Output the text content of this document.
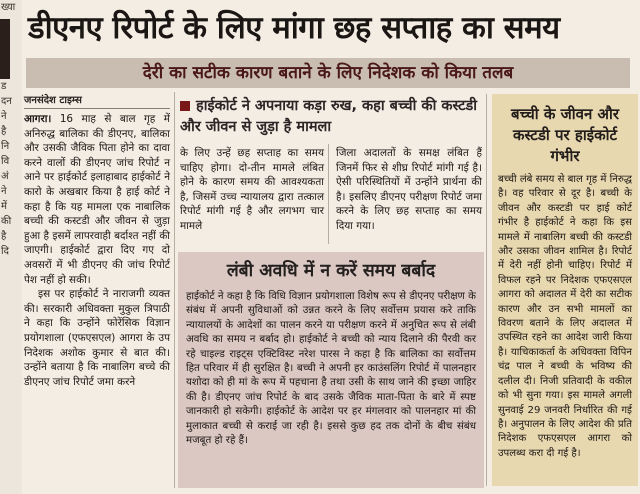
ख्या
ड
दन
ने
है
नि
वि
अं
ने
में
की
है
दि
डीएनए रिपोर्ट के लिए मांगा छह सप्ताह का समय
देरी का सटीक कारण बताने के लिए निदेशक को किया तलब
जनसंदेश टाइम्स
आगरा। 16 माह से बाल गृह में अनिरुद्ध बालिका की डीएनए, बालिका और उसकी जैविक पिता होने का दावा करने वालों की डीएनए जांच रिपोर्ट न आने पर हाईकोर्ट इलाहाबाद हाईकोर्ट ने कारो के अखबार किया है हाई कोर्ट ने कहा है कि यह मामला एक नाबालिक बच्ची की कस्टडी और जीवन से जुड़ा हुआ है इसमें लापरवाही बर्दाश्त नहीं की जाएगी। हाईकोर्ट द्वारा दिए गए दो अवसरों में भी डीएनए की जांच रिपोर्ट पेश नहीं हो सकी।
इस पर हाईकोर्ट ने नाराजगी व्यक्त की। सरकारी अधिवक्ता मुकुल त्रिपाठी ने कहा कि उन्होंने फोरेंसिक विज्ञान प्रयोगशाला (एफएसएल) आगरा के उप निदेशक अशोक कुमार से बात की। उन्होंने बताया है कि नाबालिग बच्चे की डीएनए जांच रिपोर्ट जमा करने
हाईकोर्ट ने अपनाया कड़ा रुख, कहा बच्ची की कस्टडी और जीवन से जुड़ा है मामला
के लिए उन्हें छह सप्ताह का समय चाहिए होगा। दो-तीन मामले लंबित होने के कारण समय की आवश्यकता है, जिसमें उच्च न्यायालय द्वारा तत्काल रिपोर्ट मांगी गई है और लगभग चार मामले
जिला अदालतों के समक्ष लंबित हैं जिनमें फिर से शीघ्र रिपोर्ट मांगी गई है। ऐसी परिस्थितियों में उन्होंने प्रार्थना की है। इसलिए डीएनए परीक्षण रिपोर्ट जमा करने के लिए छह सप्ताह का समय दिया गया।
लंबी अवधि में न करें समय बर्बाद
हाईकोर्ट ने कहा है कि विधि विज्ञान प्रयोगशाला विशेष रूप से डीएनए परीक्षण के संबंध में अपनी सुविधाओं को उन्नत करने के लिए सर्वोत्तम प्रयास करे ताकि न्यायालयों के आदेशों का पालन करने या परीक्षण करने में अनुचित रूप से लंबी अवधि का समय न बर्बाद हो। हाईकोर्ट ने बच्ची को न्याय दिलाने की पैरवी कर रहे चाइल्ड राइट्स एक्टिविस्ट नरेश पारस ने कहा है कि बालिका का सर्वोत्तम हित परिवार में ही सुरक्षित है। बच्ची ने अपनी हर काउंसलिंग रिपोर्ट में पालनहार यशोदा को ही मां के रूप में पहचाना है तथा उसी के साथ जाने की इच्छा जाहिर की है। डीएनए जांच रिपोर्ट के बाद उसके जैविक माता-पिता के बारे में स्पष्ट जानकारी हो सकेगी। हाईकोर्ट के आदेश पर हर मंगलवार को पालनहार मां की मुलाकात बच्ची से कराई जा रही है। इससे कुछ हद तक दोनों के बीच संबंध मजबूत हो रहे हैं।
बच्ची के जीवन और कस्टडी पर हाईकोर्ट गंभीर
बच्ची लंबे समय से बाल गृह में निरुद्ध है। वह परिवार से दूर है। बच्ची के जीवन और कस्टडी पर हाई कोर्ट गंभीर है हाईकोर्ट ने कहा कि इस मामले में नाबालिग बच्ची की कस्टडी और उसका जीवन शामिल है। रिपोर्ट में देरी नहीं होनी चाहिए। रिपोर्ट में विफल रहने पर निदेशक एफएसएल आगरा को अदालत में देरी का सटीक कारण और उन सभी मामलों का विवरण बताने के लिए अदालत में उपस्थित रहने का आदेश जारी किया है। याचिकाकर्ता के अधिवक्ता विपिन चंद्र पाल ने बच्ची के भविष्य की दलील दी। निजी प्रतिवादी के वकील को भी सुना गया। इस मामले अगली सुनवाई 29 जनवरी निर्धारित की गई है। अनुपालन के लिए आदेश की प्रति निदेशक एफएसएल आगरा को उपलब्ध करा दी गई है।
